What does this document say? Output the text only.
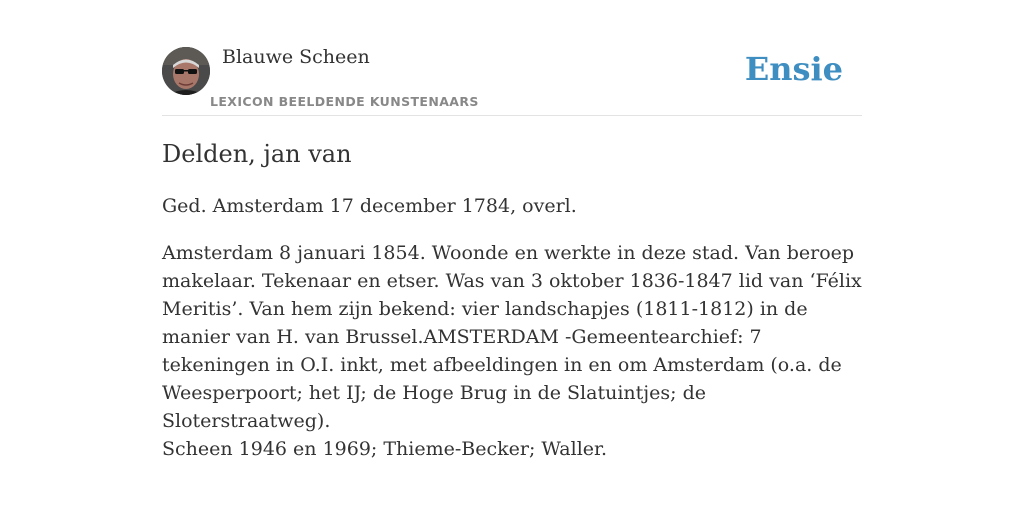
Blauwe Scheen
LEXICON BEELDENDE KUNSTENAARS
Ensie
Delden, jan van

Ged. Amsterdam 17 december 1784, overl.

Amsterdam 8 januari 1854. Woonde en werkte in deze stad. Van beroep makelaar. Tekenaar en etser. Was van 3 oktober 1836-1847 lid van ‘Félix Meritis’. Van hem zijn bekend: vier landschapjes (1811-1812) in de manier van H. van Brussel.AMSTERDAM -Gemeentearchief: 7 tekeningen in O.I. inkt, met afbeeldingen in en om Amsterdam (o.a. de Weesperpoort; het IJ; de Hoge Brug in de Slatuintjes; de Sloterstraatweg).

Scheen 1946 en 1969; Thieme-Becker; Waller.
